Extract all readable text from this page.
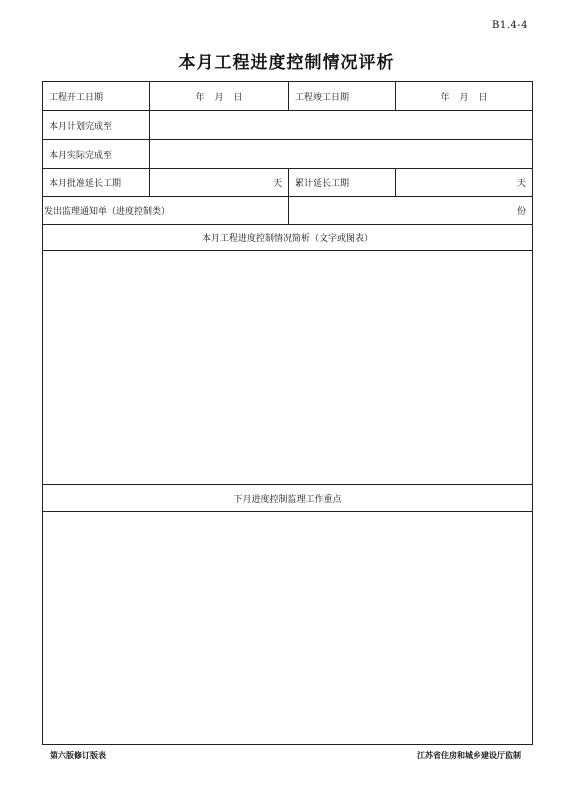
B1.4-4
本月工程进度控制情况评析
工程开工日期	年 月 日	工程竣工日期	年 月 日
本月计划完成至
本月实际完成至
本月批准延长工期	天	累计延长工期	天
发出监理通知单（进度控制类）	份
本月工程进度控制情况简析（文字或图表）
下月进度控制监理工作重点
第六版修订版表	江苏省住房和城乡建设厅监制
